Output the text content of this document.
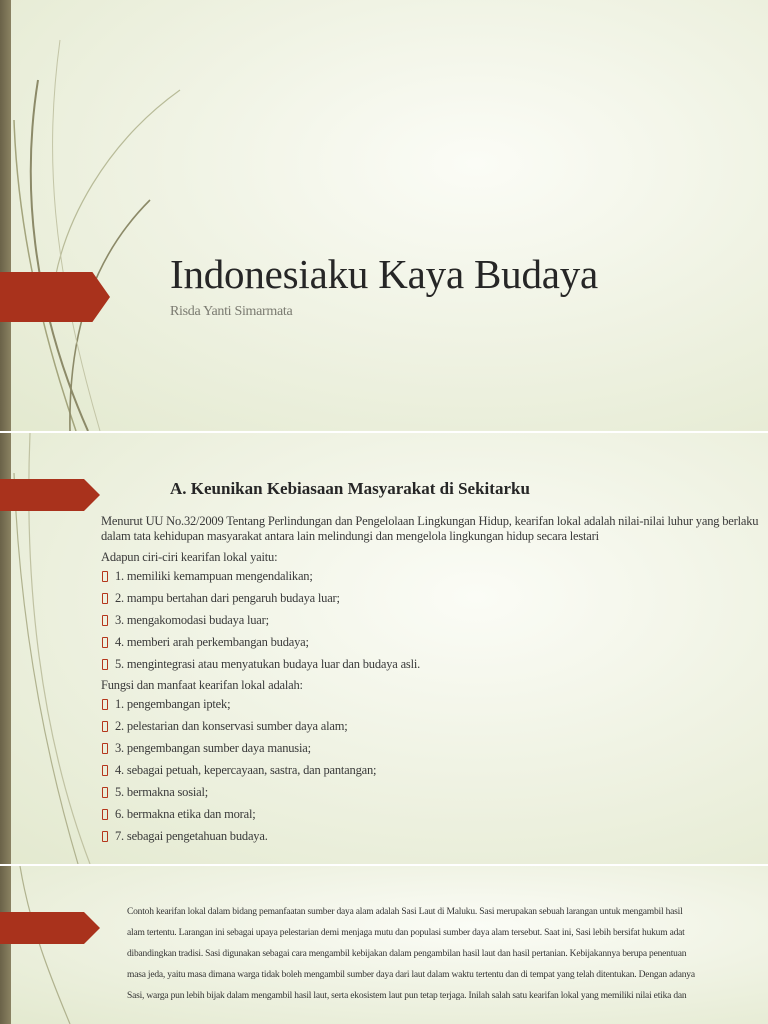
Indonesiaku Kaya Budaya
Risda Yanti Simarmata
A. Keunikan Kebiasaan Masyarakat di Sekitarku

Menurut UU No.32/2009 Tentang Perlindungan dan Pengelolaan Lingkungan Hidup, kearifan lokal adalah nilai-nilai luhur yang berlaku dalam tata kehidupan masyarakat antara lain melindungi dan mengelola lingkungan hidup secara lestari

Adapun ciri-ciri kearifan lokal yaitu:

1. memiliki kemampuan mengendalikan;
2. mampu bertahan dari pengaruh budaya luar;
3. mengakomodasi budaya luar;
4. memberi arah perkembangan budaya;
5. mengintegrasi atau menyatukan budaya luar dan budaya asli.

Fungsi dan manfaat kearifan lokal adalah:

1. pengembangan iptek;
2. pelestarian dan konservasi sumber daya alam;
3. pengembangan sumber daya manusia;
4. sebagai petuah, kepercayaan, sastra, dan pantangan;
5. bermakna sosial;
6. bermakna etika dan moral;
7. sebagai pengetahuan budaya.
Contoh kearifan lokal dalam bidang pemanfaatan sumber daya alam adalah Sasi Laut di Maluku. Sasi merupakan sebuah larangan untuk mengambil hasil alam tertentu. Larangan ini sebagai upaya pelestarian demi menjaga mutu dan populasi sumber daya alam tersebut. Saat ini, Sasi lebih bersifat hukum adat dibandingkan tradisi. Sasi digunakan sebagai cara mengambil kebijakan dalam pengambilan hasil laut dan hasil pertanian. Kebijakannya berupa penentuan masa jeda, yaitu masa dimana warga tidak boleh mengambil sumber daya dari laut dalam waktu tertentu dan di tempat yang telah ditentukan. Dengan adanya Sasi, warga pun lebih bijak dalam mengambil hasil laut, serta ekosistem laut pun tetap terjaga. Inilah salah satu kearifan lokal yang memiliki nilai etika dan
